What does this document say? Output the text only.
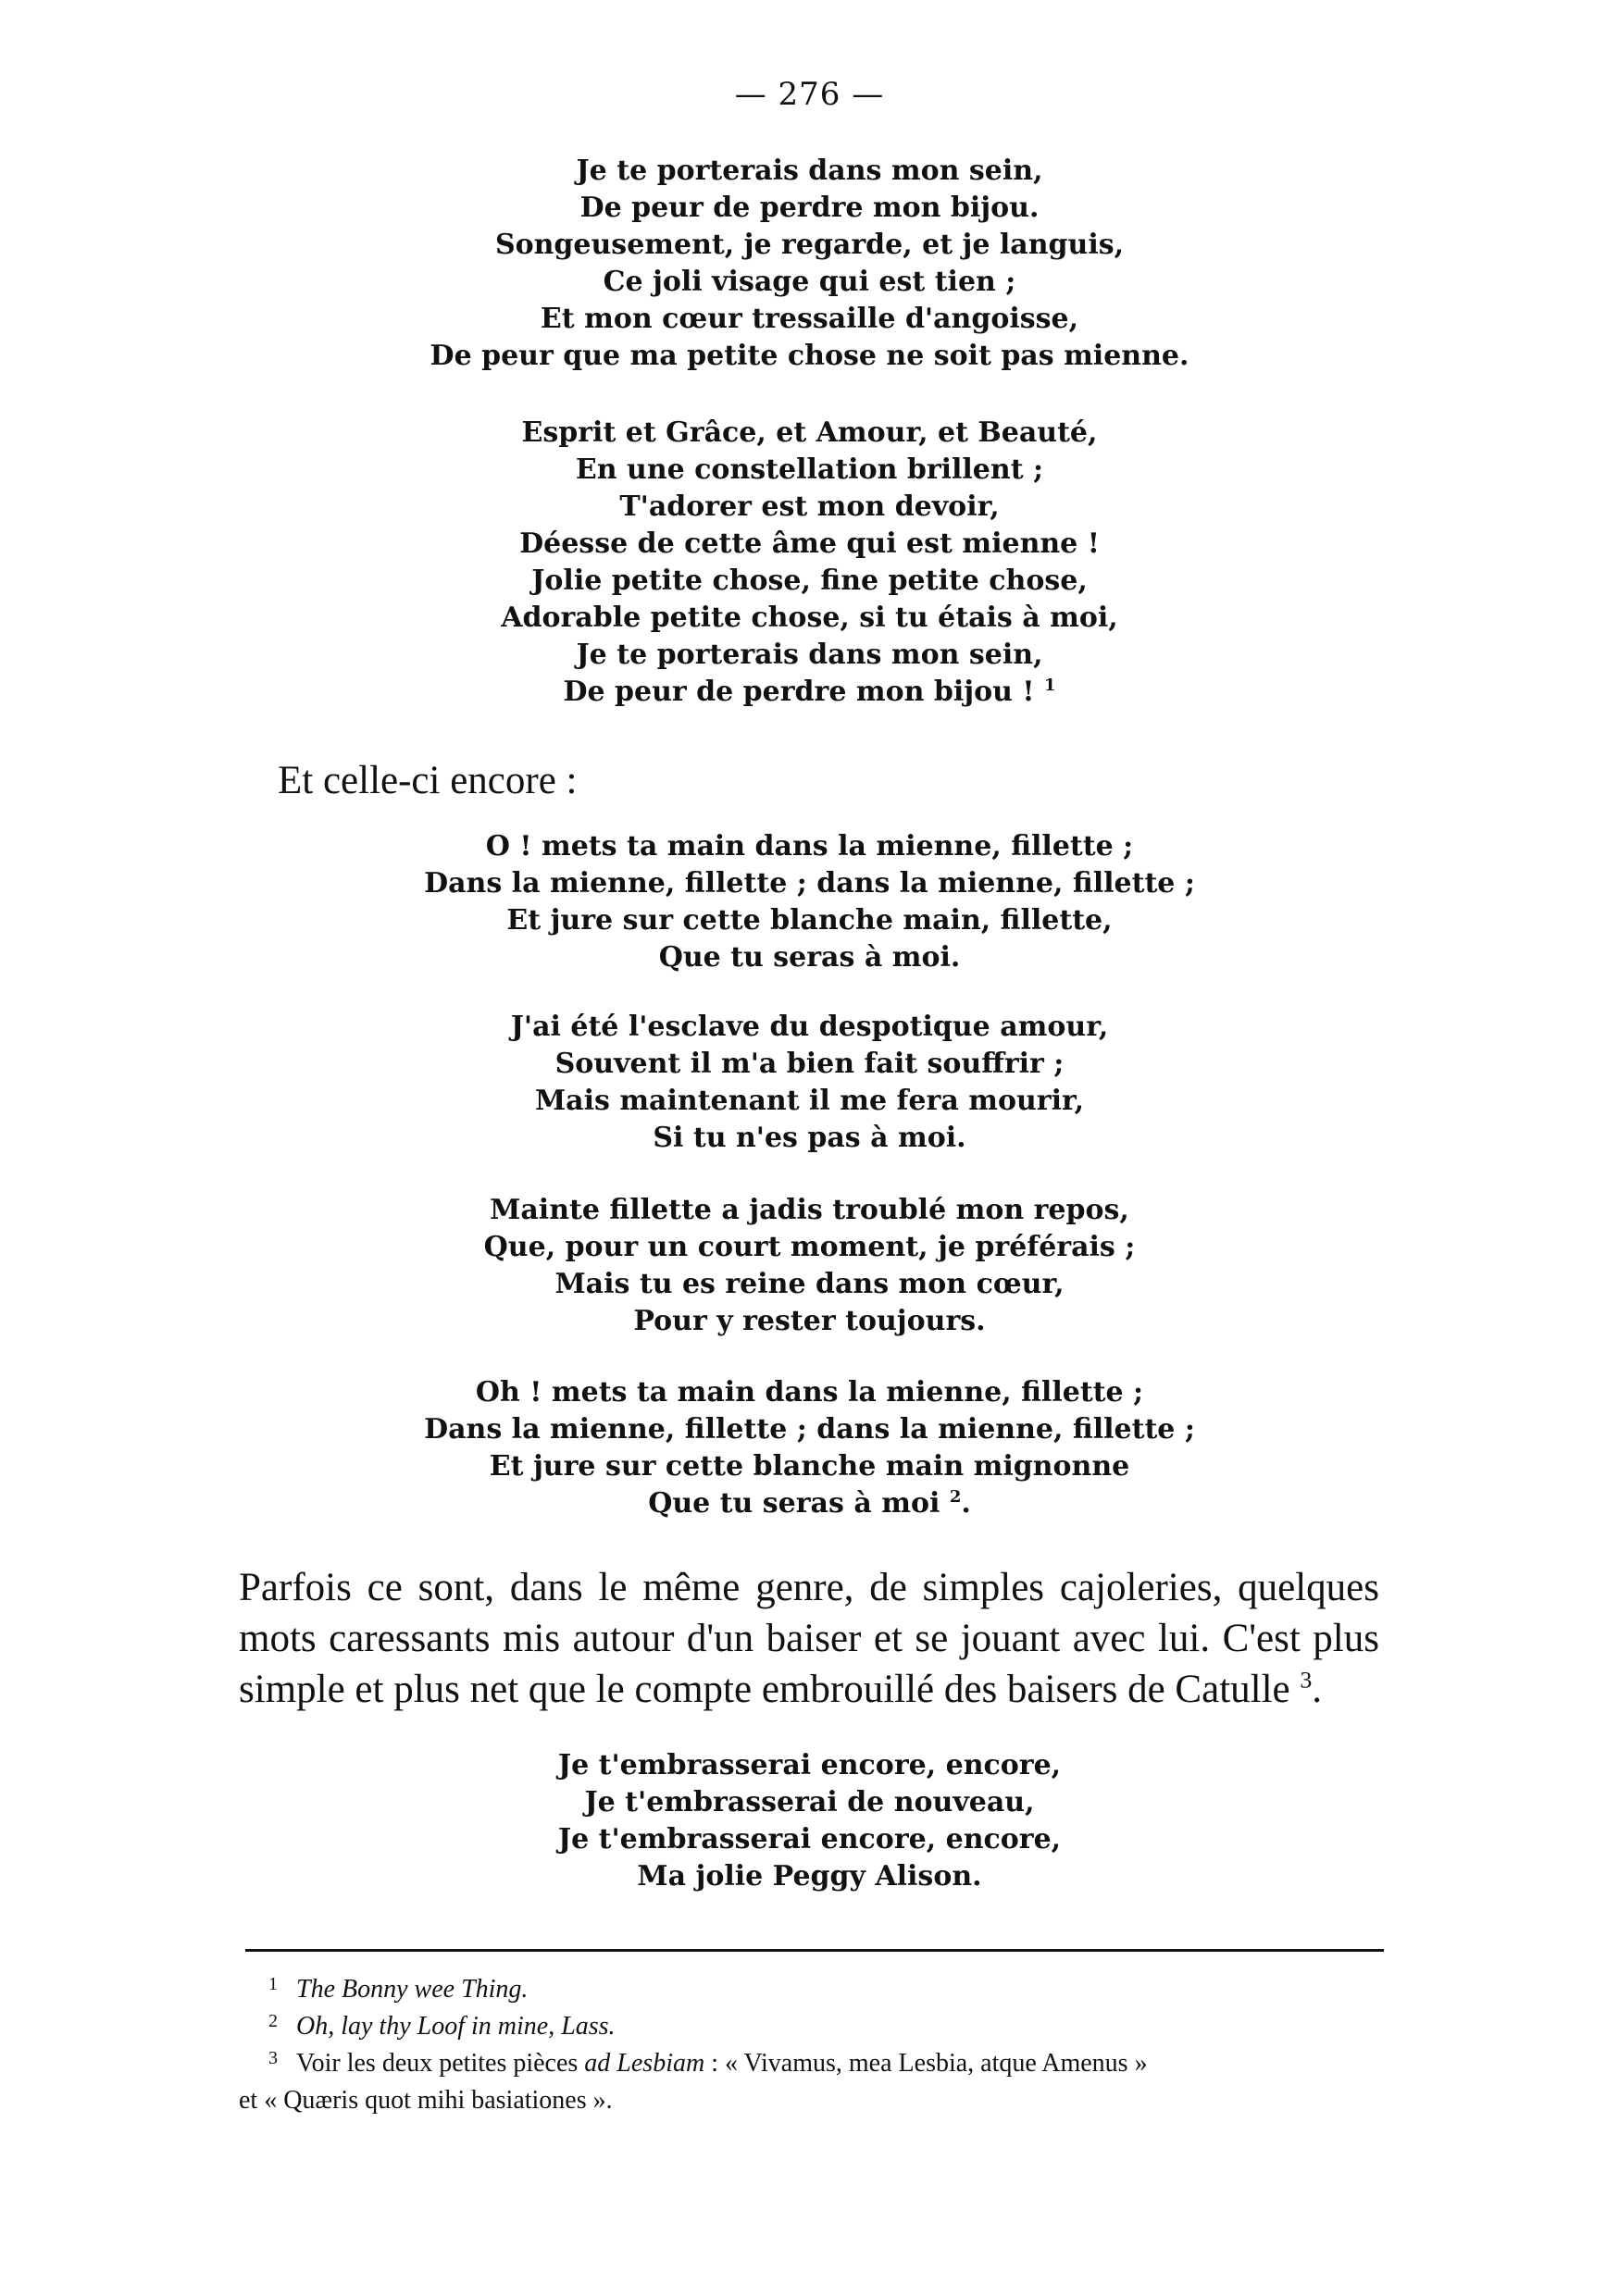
— 276 —
Je te porterais dans mon sein,
De peur de perdre mon bijou.
Songeusement, je regarde, et je languis,
Ce joli visage qui est tien ;
Et mon cœur tressaille d'angoisse,
De peur que ma petite chose ne soit pas mienne.
Esprit et Grâce, et Amour, et Beauté,
En une constellation brillent ;
T'adorer est mon devoir,
Déesse de cette âme qui est mienne !
Jolie petite chose, fine petite chose,
Adorable petite chose, si tu étais à moi,
Je te porterais dans mon sein,
De peur de perdre mon bijou ! $^1$
Et celle-ci encore :
O ! mets ta main dans la mienne, fillette ;
Dans la mienne, fillette ; dans la mienne, fillette ;
Et jure sur cette blanche main, fillette,
Que tu seras à moi.
J'ai été l'esclave du despotique amour,
Souvent il m'a bien fait souffrir ;
Mais maintenant il me fera mourir,
Si tu n'es pas à moi.
Mainte fillette a jadis troublé mon repos,
Que, pour un court moment, je préférais ;
Mais tu es reine dans mon cœur,
Pour y rester toujours.
Oh ! mets ta main dans la mienne, fillette ;
Dans la mienne, fillette ; dans la mienne, fillette ;
Et jure sur cette blanche main mignonne
Que tu seras à moi $^2$.
Parfois ce sont, dans le même genre, de simples cajoleries, quelques
mots caressants mis autour d'un baiser et se jouant avec lui. C'est plus
simple et plus net que le compte embrouillé des baisers de Catulle $^3$.
Je t'embrasserai encore, encore,
Je t'embrasserai de nouveau,
Je t'embrasserai encore, encore,
Ma jolie Peggy Alison.
1 The Bonny wee Thing.
2 Oh, lay thy Loof in mine, Lass.
3 Voir les deux petites pièces ad Lesbiam : « Vivamus, mea Lesbia, atque Amenus »
et « Quæris quot mihi basiationes ».
